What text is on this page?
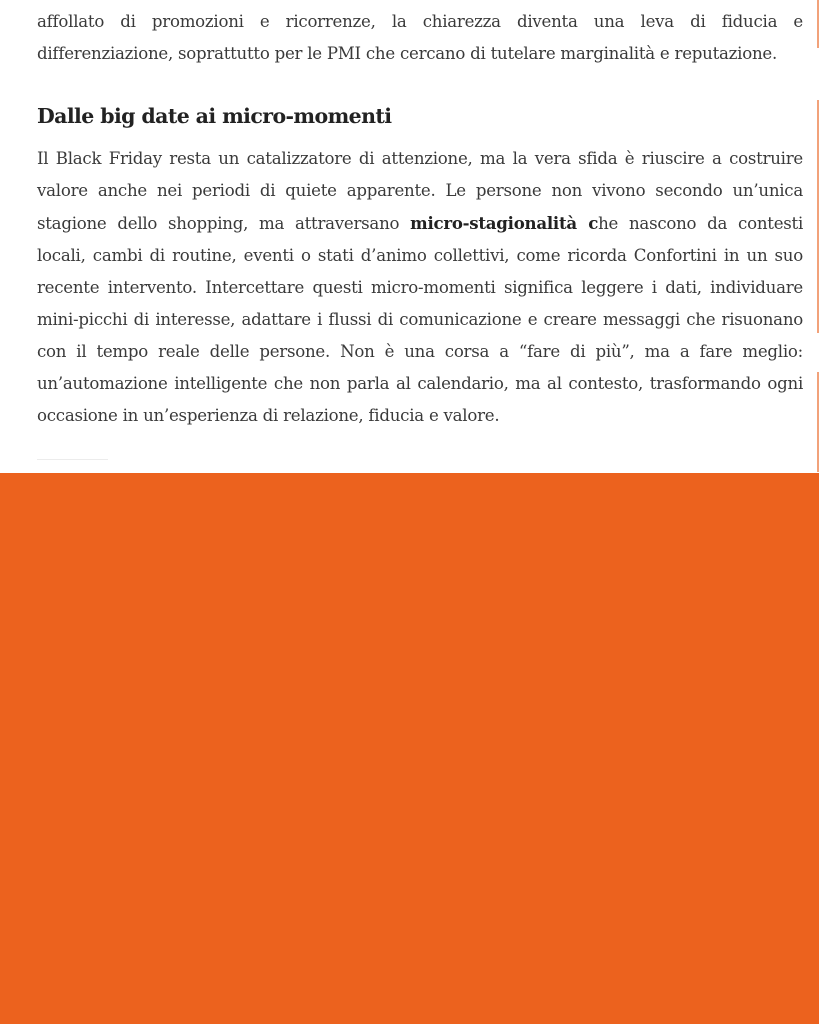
affollato di promozioni e ricorrenze, la chiarezza diventa una leva di fiducia e differenziazione, soprattutto per le PMI che cercano di tutelare marginalità e reputazione.

Dalle big date ai micro-momenti

Il Black Friday resta un catalizzatore di attenzione, ma la vera sfida è riuscire a costruire valore anche nei periodi di quiete apparente. Le persone non vivono secondo un’unica stagione dello shopping, ma attraversano micro-stagionalità che nascono da contesti locali, cambi di routine, eventi o stati d’animo collettivi, come ricorda Confortini in un suo recente intervento. Intercettare questi micro-momenti significa leggere i dati, individuare mini-picchi di interesse, adattare i flussi di comunicazione e creare messaggi che risuonano con il tempo reale delle persone. Non è una corsa a “fare di più”, ma a fare meglio: un’automazione intelligente che non parla al calendario, ma al contesto, trasformando ogni occasione in un’esperienza di relazione, fiducia e valore.
